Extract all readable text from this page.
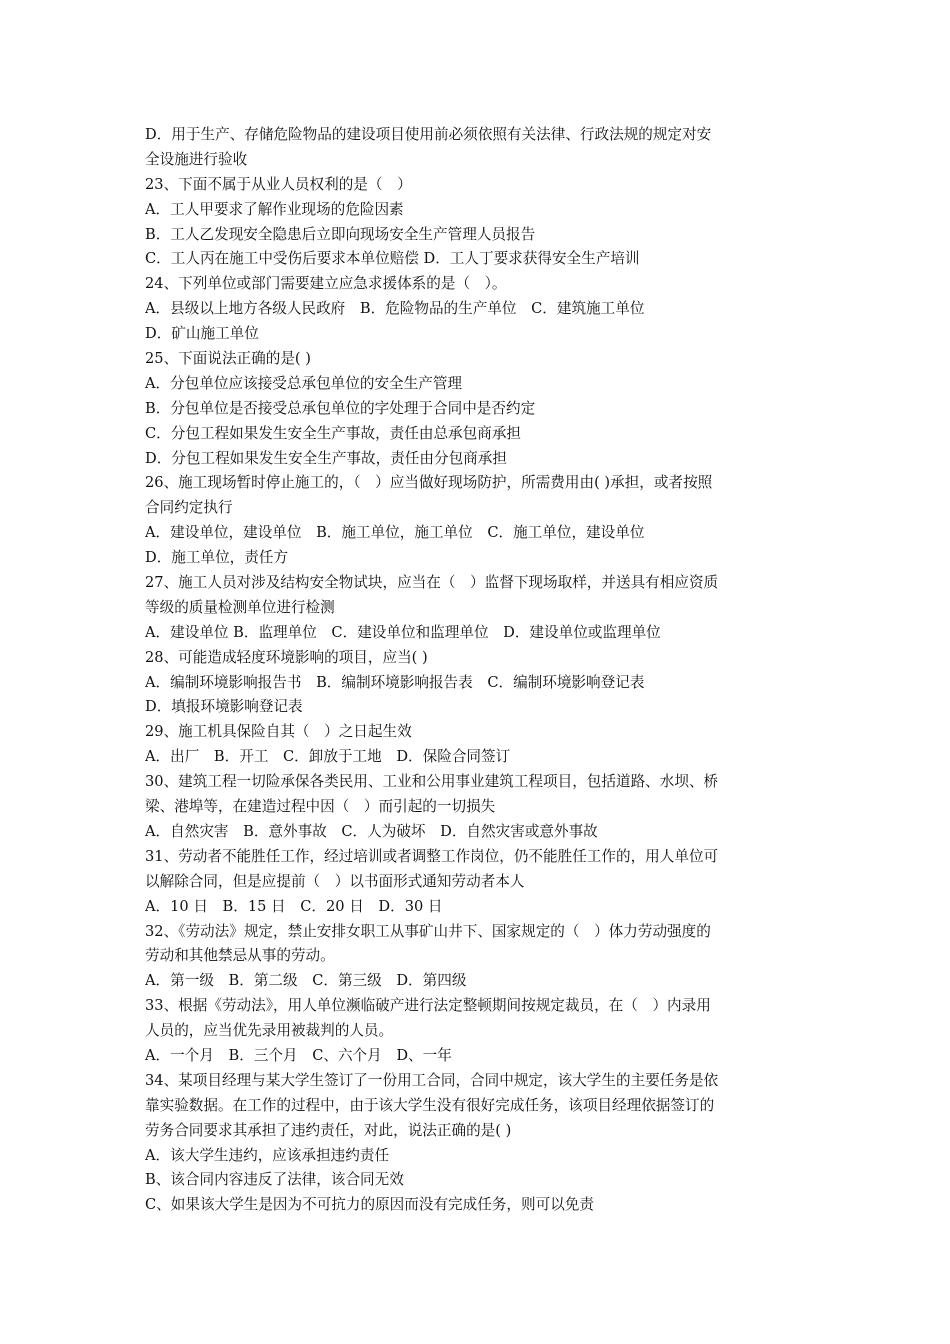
D．用于生产、存储危险物品的建设项目使用前必须依照有关法律、行政法规的规定对安
全设施进行验收
23、下面不属于从业人员权利的是（　）
A．工人甲要求了解作业现场的危险因素
B．工人乙发现安全隐患后立即向现场安全生产管理人员报告
C．工人丙在施工中受伤后要求本单位赔偿 D．工人丁要求获得安全生产培训
24、下列单位或部门需要建立应急求援体系的是（　）。
A．县级以上地方各级人民政府　B．危险物品的生产单位　C．建筑施工单位
D．矿山施工单位
25、下面说法正确的是( )
A．分包单位应该接受总承包单位的安全生产管理
B．分包单位是否接受总承包单位的字处理于合同中是否约定
C．分包工程如果发生安全生产事故，责任由总承包商承担
D．分包工程如果发生安全生产事故，责任由分包商承担
26、施工现场暂时停止施工的，（　）应当做好现场防护，所需费用由( )承担，或者按照
合同约定执行
A．建设单位，建设单位　B．施工单位，施工单位　C．施工单位，建设单位
D．施工单位，责任方
27、施工人员对涉及结构安全物试块，应当在（　）监督下现场取样，并送具有相应资质
等级的质量检测单位进行检测
A．建设单位 B．监理单位　C．建设单位和监理单位　D．建设单位或监理单位
28、可能造成轻度环境影响的项目，应当( )
A．编制环境影响报告书　B．编制环境影响报告表　C．编制环境影响登记表
D．填报环境影响登记表
29、施工机具保险自其（　）之日起生效
A．出厂　B．开工　C．卸放于工地　D．保险合同签订
30、建筑工程一切险承保各类民用、工业和公用事业建筑工程项目，包括道路、水坝、桥
梁、港埠等，在建造过程中因（　）而引起的一切损失
A．自然灾害　B．意外事故　C．人为破坏　D．自然灾害或意外事故
31、劳动者不能胜任工作，经过培训或者调整工作岗位，仍不能胜任工作的，用人单位可
以解除合同，但是应提前（　）以书面形式通知劳动者本人
A．10 日　B．15 日　C．20 日　D．30 日
32、《劳动法》规定，禁止安排女职工从事矿山井下、国家规定的（　）体力劳动强度的
劳动和其他禁忌从事的劳动。
A．第一级　B．第二级　C．第三级　D．第四级
33、根据《劳动法》，用人单位濒临破产进行法定整顿期间按规定裁员，在（　）内录用
人员的，应当优先录用被裁判的人员。
A．一个月　B．三个月　C、六个月　D、一年
34、某项目经理与某大学生签订了一份用工合同，合同中规定，该大学生的主要任务是依
靠实验数据。在工作的过程中，由于该大学生没有很好完成任务，该项目经理依据签订的
劳务合同要求其承担了违约责任，对此，说法正确的是( )
A．该大学生违约，应该承担违约责任
B、该合同内容违反了法律，该合同无效
C、如果该大学生是因为不可抗力的原因而没有完成任务，则可以免责
